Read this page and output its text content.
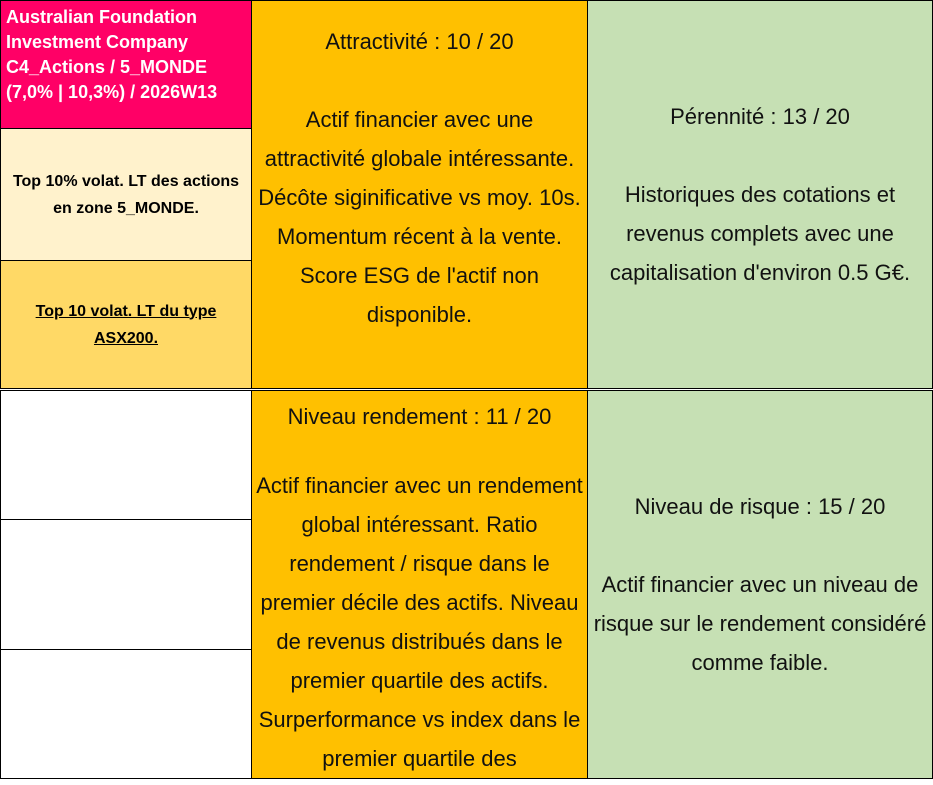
Australian Foundation
Investment Company
C4_Actions / 5_MONDE
(7,0% | 10,3%) / 2026W13
Top 10% volat. LT des actions en zone 5_MONDE.
Top 10 volat. LT du type ASX200.
Attractivité : 10 / 20
Actif financier avec une attractivité globale intéressante. Décôte siginificative vs moy. 10s. Momentum récent à la vente. Score ESG de l'actif non disponible.
Niveau rendement : 11 / 20
Actif financier avec un rendement global intéressant. Ratio rendement / risque dans le premier décile des actifs. Niveau de revenus distribués dans le premier quartile des actifs. Surperformance vs index dans le premier quartile des
Pérennité : 13 / 20
Historiques des cotations et revenus complets avec une capitalisation d'environ 0.5 G€.
Niveau de risque : 15 / 20
Actif financier avec un niveau de risque sur le rendement considéré comme faible.
